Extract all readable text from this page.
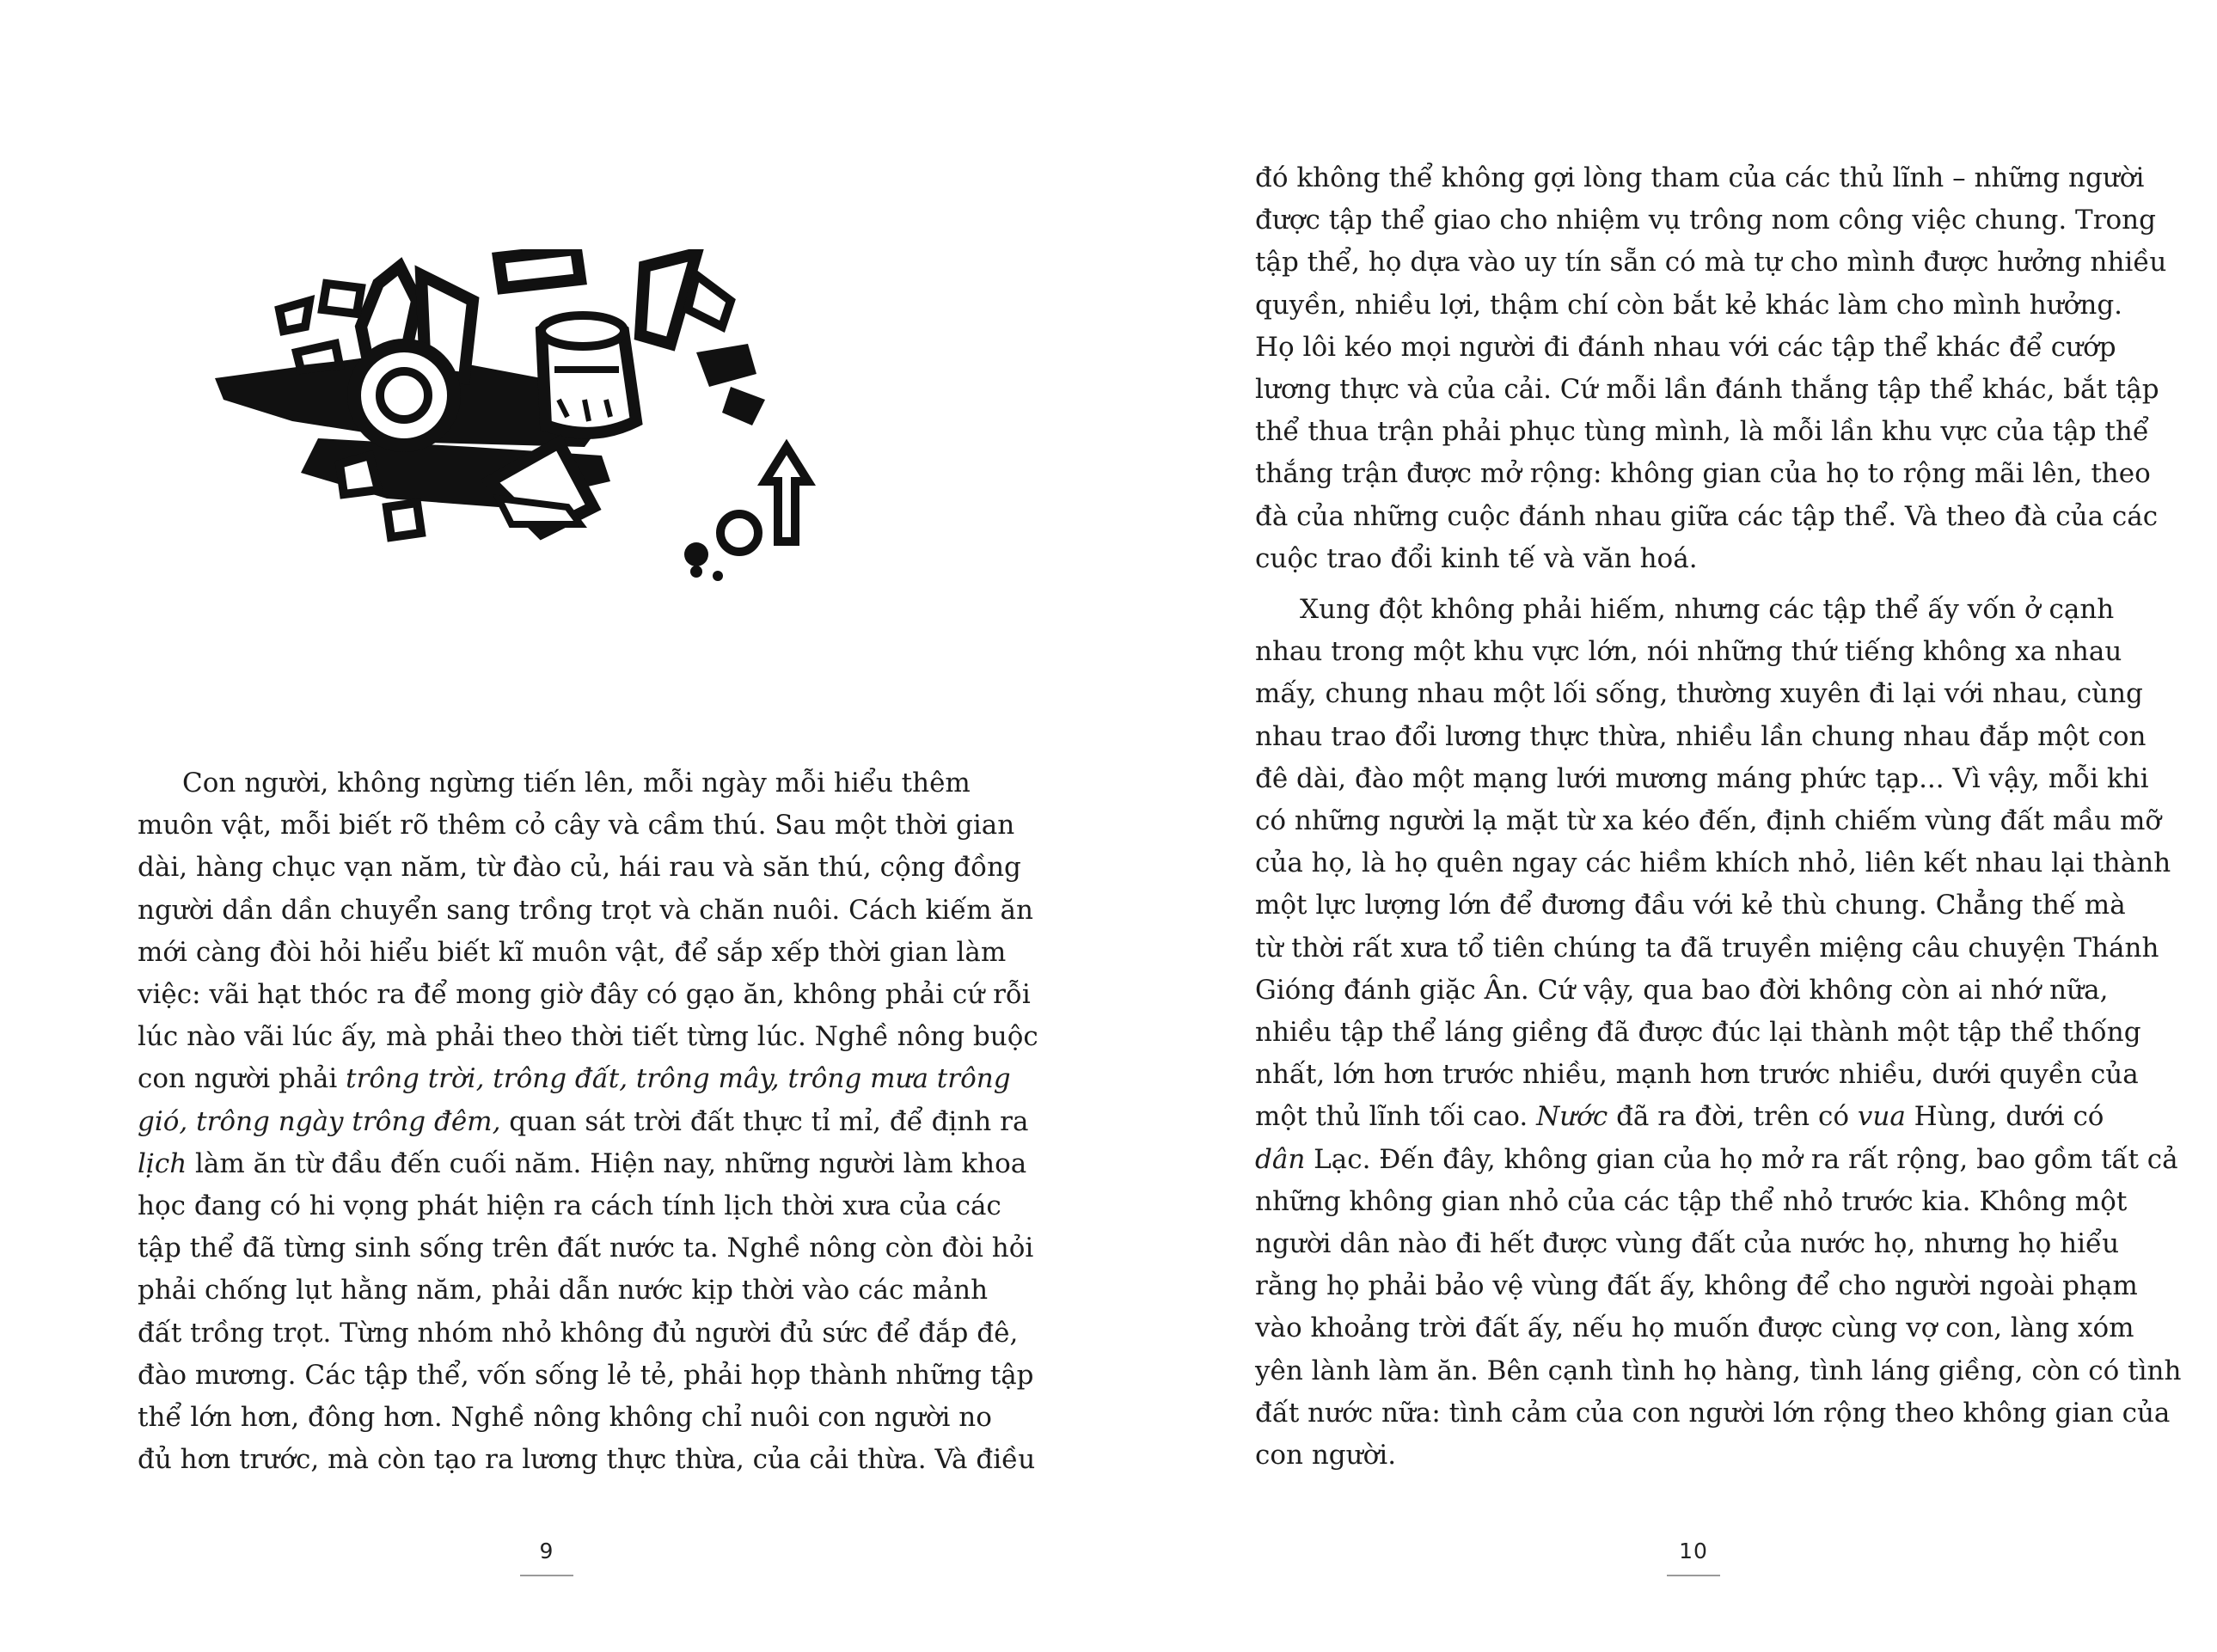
Con người, không ngừng tiến lên, mỗi ngày mỗi hiểu thêm
muôn vật, mỗi biết rõ thêm cỏ cây và cầm thú. Sau một thời gian
dài, hàng chục vạn năm, từ đào củ, hái rau và săn thú, cộng đồng
người dần dần chuyển sang trồng trọt và chăn nuôi. Cách kiếm ăn
mới càng đòi hỏi hiểu biết kĩ muôn vật, để sắp xếp thời gian làm
việc: vãi hạt thóc ra để mong giờ đây có gạo ăn, không phải cứ rỗi
lúc nào vãi lúc ấy, mà phải theo thời tiết từng lúc. Nghề nông buộc
con người phải trông trời, trông đất, trông mây, trông mưa trông
gió, trông ngày trông đêm, quan sát trời đất thực tỉ mỉ, để định ra
lịch làm ăn từ đầu đến cuối năm. Hiện nay, những người làm khoa
học đang có hi vọng phát hiện ra cách tính lịch thời xưa của các
tập thể đã từng sinh sống trên đất nước ta. Nghề nông còn đòi hỏi
phải chống lụt hằng năm, phải dẫn nước kịp thời vào các mảnh
đất trồng trọt. Từng nhóm nhỏ không đủ người đủ sức để đắp đê,
đào mương. Các tập thể, vốn sống lẻ tẻ, phải họp thành những tập
thể lớn hơn, đông hơn. Nghề nông không chỉ nuôi con người no
đủ hơn trước, mà còn tạo ra lương thực thừa, của cải thừa. Và điều
9
đó không thể không gợi lòng tham của các thủ lĩnh – những người
được tập thể giao cho nhiệm vụ trông nom công việc chung. Trong
tập thể, họ dựa vào uy tín sẵn có mà tự cho mình được hưởng nhiều
quyền, nhiều lợi, thậm chí còn bắt kẻ khác làm cho mình hưởng.
Họ lôi kéo mọi người đi đánh nhau với các tập thể khác để cướp
lương thực và của cải. Cứ mỗi lần đánh thắng tập thể khác, bắt tập
thể thua trận phải phục tùng mình, là mỗi lần khu vực của tập thể
thắng trận được mở rộng: không gian của họ to rộng mãi lên, theo
đà của những cuộc đánh nhau giữa các tập thể. Và theo đà của các
cuộc trao đổi kinh tế và văn hoá.
Xung đột không phải hiếm, nhưng các tập thể ấy vốn ở cạnh
nhau trong một khu vực lớn, nói những thứ tiếng không xa nhau
mấy, chung nhau một lối sống, thường xuyên đi lại với nhau, cùng
nhau trao đổi lương thực thừa, nhiều lần chung nhau đắp một con
đê dài, đào một mạng lưới mương máng phức tạp... Vì vậy, mỗi khi
có những người lạ mặt từ xa kéo đến, định chiếm vùng đất mầu mỡ
của họ, là họ quên ngay các hiềm khích nhỏ, liên kết nhau lại thành
một lực lượng lớn để đương đầu với kẻ thù chung. Chẳng thế mà
từ thời rất xưa tổ tiên chúng ta đã truyền miệng câu chuyện Thánh
Gióng đánh giặc Ân. Cứ vậy, qua bao đời không còn ai nhớ nữa,
nhiều tập thể láng giềng đã được đúc lại thành một tập thể thống
nhất, lớn hơn trước nhiều, mạnh hơn trước nhiều, dưới quyền của
một thủ lĩnh tối cao. Nước đã ra đời, trên có vua Hùng, dưới có
dân Lạc. Đến đây, không gian của họ mở ra rất rộng, bao gồm tất cả
những không gian nhỏ của các tập thể nhỏ trước kia. Không một
người dân nào đi hết được vùng đất của nước họ, nhưng họ hiểu
rằng họ phải bảo vệ vùng đất ấy, không để cho người ngoài phạm
vào khoảng trời đất ấy, nếu họ muốn được cùng vợ con, làng xóm
yên lành làm ăn. Bên cạnh tình họ hàng, tình láng giềng, còn có tình
đất nước nữa: tình cảm của con người lớn rộng theo không gian của
con người.
10
